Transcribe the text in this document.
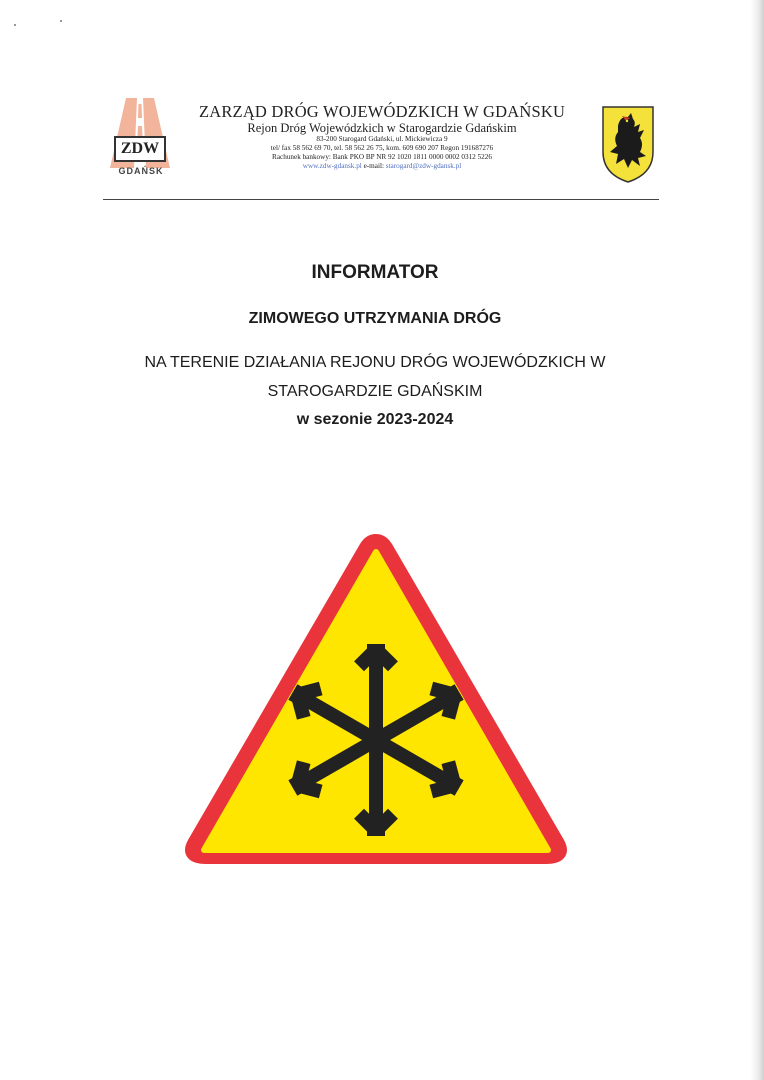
ZDW
GDAŃSK
ZARZĄD DRÓG WOJEWÓDZKICH W GDAŃSKU
Rejon Dróg Wojewódzkich w Starogardzie Gdańskim
83-200 Starogard Gdański, ul. Mickiewicza 9
tel/ fax 58 562 69 70, tel. 58 562 26 75, kom. 609 690 207 Regon 191687276
Rachunek bankowy: Bank PKO BP NR 92 1020 1811 0000 0002 0312 5226
www.zdw-gdansk.pl e-mail: starogard@zdw-gdansk.pl
INFORMATOR
ZIMOWEGO UTRZYMANIA DRÓG
NA TERENIE DZIAŁANIA REJONU DRÓG WOJEWÓDZKICH W
STAROGARDZIE GDAŃSKIM
w sezonie 2023-2024
